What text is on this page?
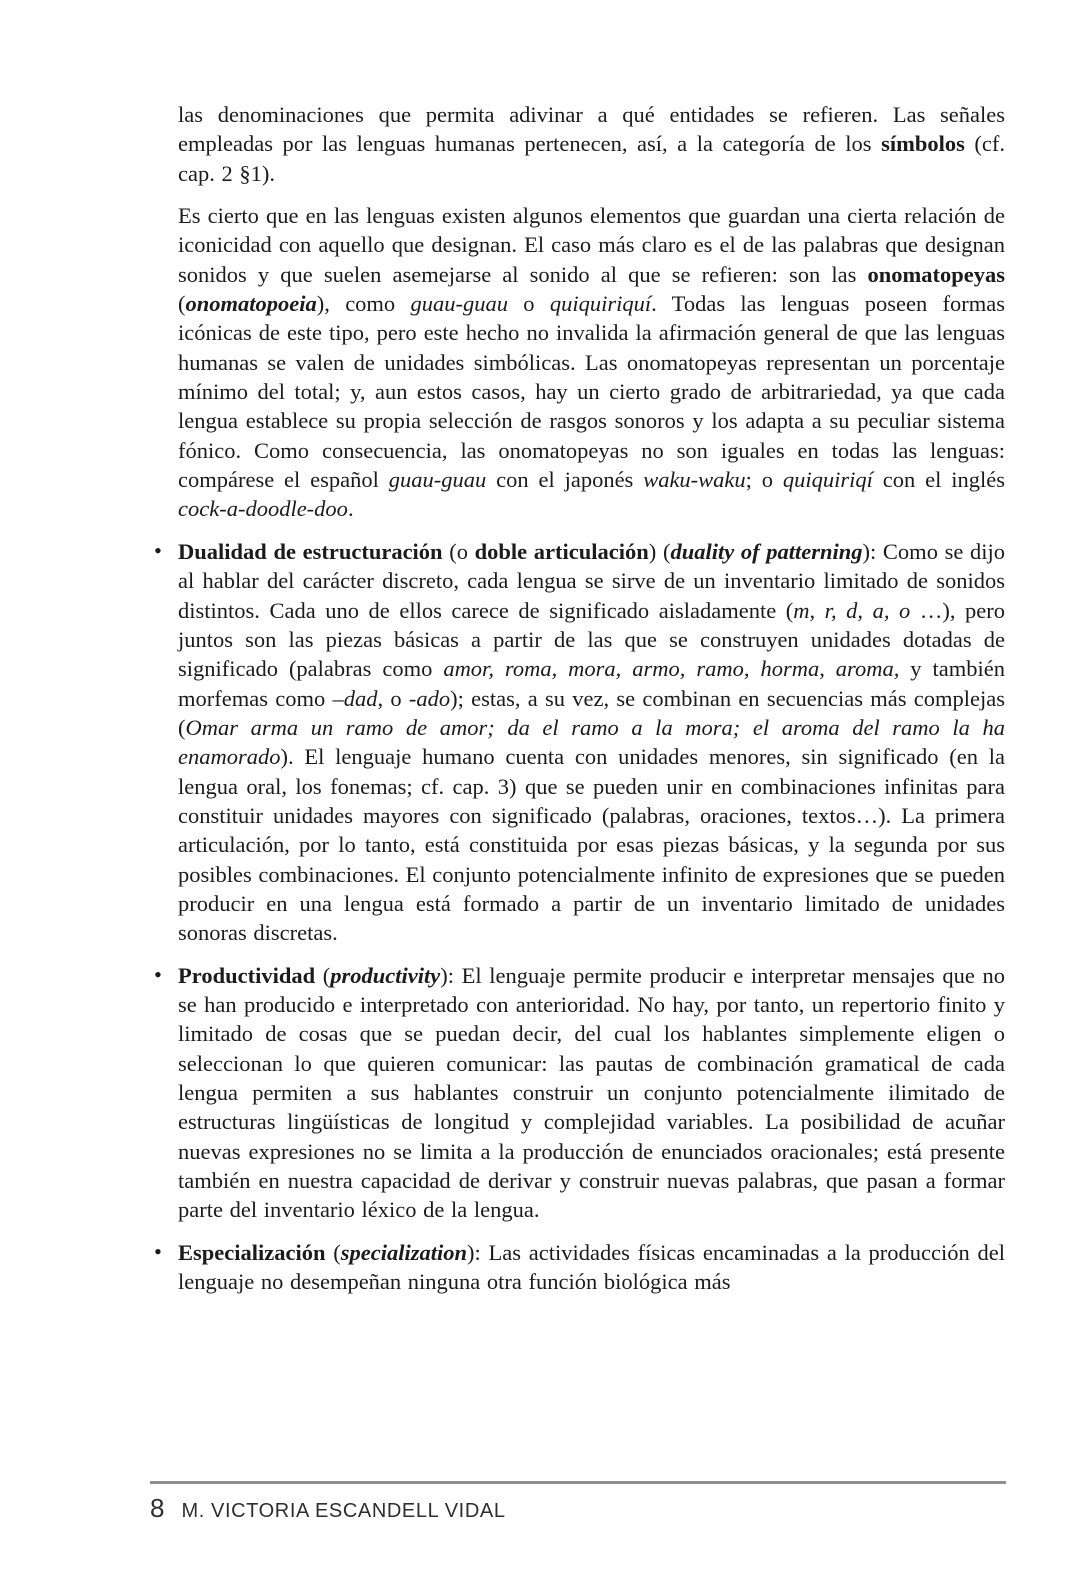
las denominaciones que permita adivinar a qué entidades se refieren. Las señales empleadas por las lenguas humanas pertenecen, así, a la categoría de los símbolos (cf. cap. 2 §1).

Es cierto que en las lenguas existen algunos elementos que guardan una cierta relación de iconicidad con aquello que designan. El caso más claro es el de las palabras que designan sonidos y que suelen asemejarse al sonido al que se refieren: son las onomatopeyas (onomatopoeia), como guau-guau o quiquiriquí. Todas las lenguas poseen formas icónicas de este tipo, pero este hecho no invalida la afirmación general de que las lenguas humanas se valen de unidades simbólicas. Las onomatopeyas representan un porcentaje mínimo del total; y, aun estos casos, hay un cierto grado de arbitrariedad, ya que cada lengua establece su propia selección de rasgos sonoros y los adapta a su peculiar sistema fónico. Como consecuencia, las onomatopeyas no son iguales en todas las lenguas: compárese el español guau-guau con el japonés waku-waku; o quiquiriqí con el inglés cock-a-doodle-doo.

• Dualidad de estructuración (o doble articulación) (duality of patterning): Como se dijo al hablar del carácter discreto, cada lengua se sirve de un inventario limitado de sonidos distintos. Cada uno de ellos carece de significado aisladamente (m, r, d, a, o …), pero juntos son las piezas básicas a partir de las que se construyen unidades dotadas de significado (palabras como amor, roma, mora, armo, ramo, horma, aroma, y también morfemas como –dad, o -ado); estas, a su vez, se combinan en secuencias más complejas (Omar arma un ramo de amor; da el ramo a la mora; el aroma del ramo la ha enamorado). El lenguaje humano cuenta con unidades menores, sin significado (en la lengua oral, los fonemas; cf. cap. 3) que se pueden unir en combinaciones infinitas para constituir unidades mayores con significado (palabras, oraciones, textos…). La primera articulación, por lo tanto, está constituida por esas piezas básicas, y la segunda por sus posibles combinaciones. El conjunto potencialmente infinito de expresiones que se pueden producir en una lengua está formado a partir de un inventario limitado de unidades sonoras discretas.
• Productividad (productivity): El lenguaje permite producir e interpretar mensajes que no se han producido e interpretado con anterioridad. No hay, por tanto, un repertorio finito y limitado de cosas que se puedan decir, del cual los hablantes simplemente eligen o seleccionan lo que quieren comunicar: las pautas de combinación gramatical de cada lengua permiten a sus hablantes construir un conjunto potencialmente ilimitado de estructuras lingüísticas de longitud y complejidad variables. La posibilidad de acuñar nuevas expresiones no se limita a la producción de enunciados oracionales; está presente también en nuestra capacidad de derivar y construir nuevas palabras, que pasan a formar parte del inventario léxico de la lengua.
• Especialización (specialization): Las actividades físicas encaminadas a la producción del lenguaje no desempeñan ninguna otra función biológica más
8 M. VICTORIA ESCANDELL VIDAL
